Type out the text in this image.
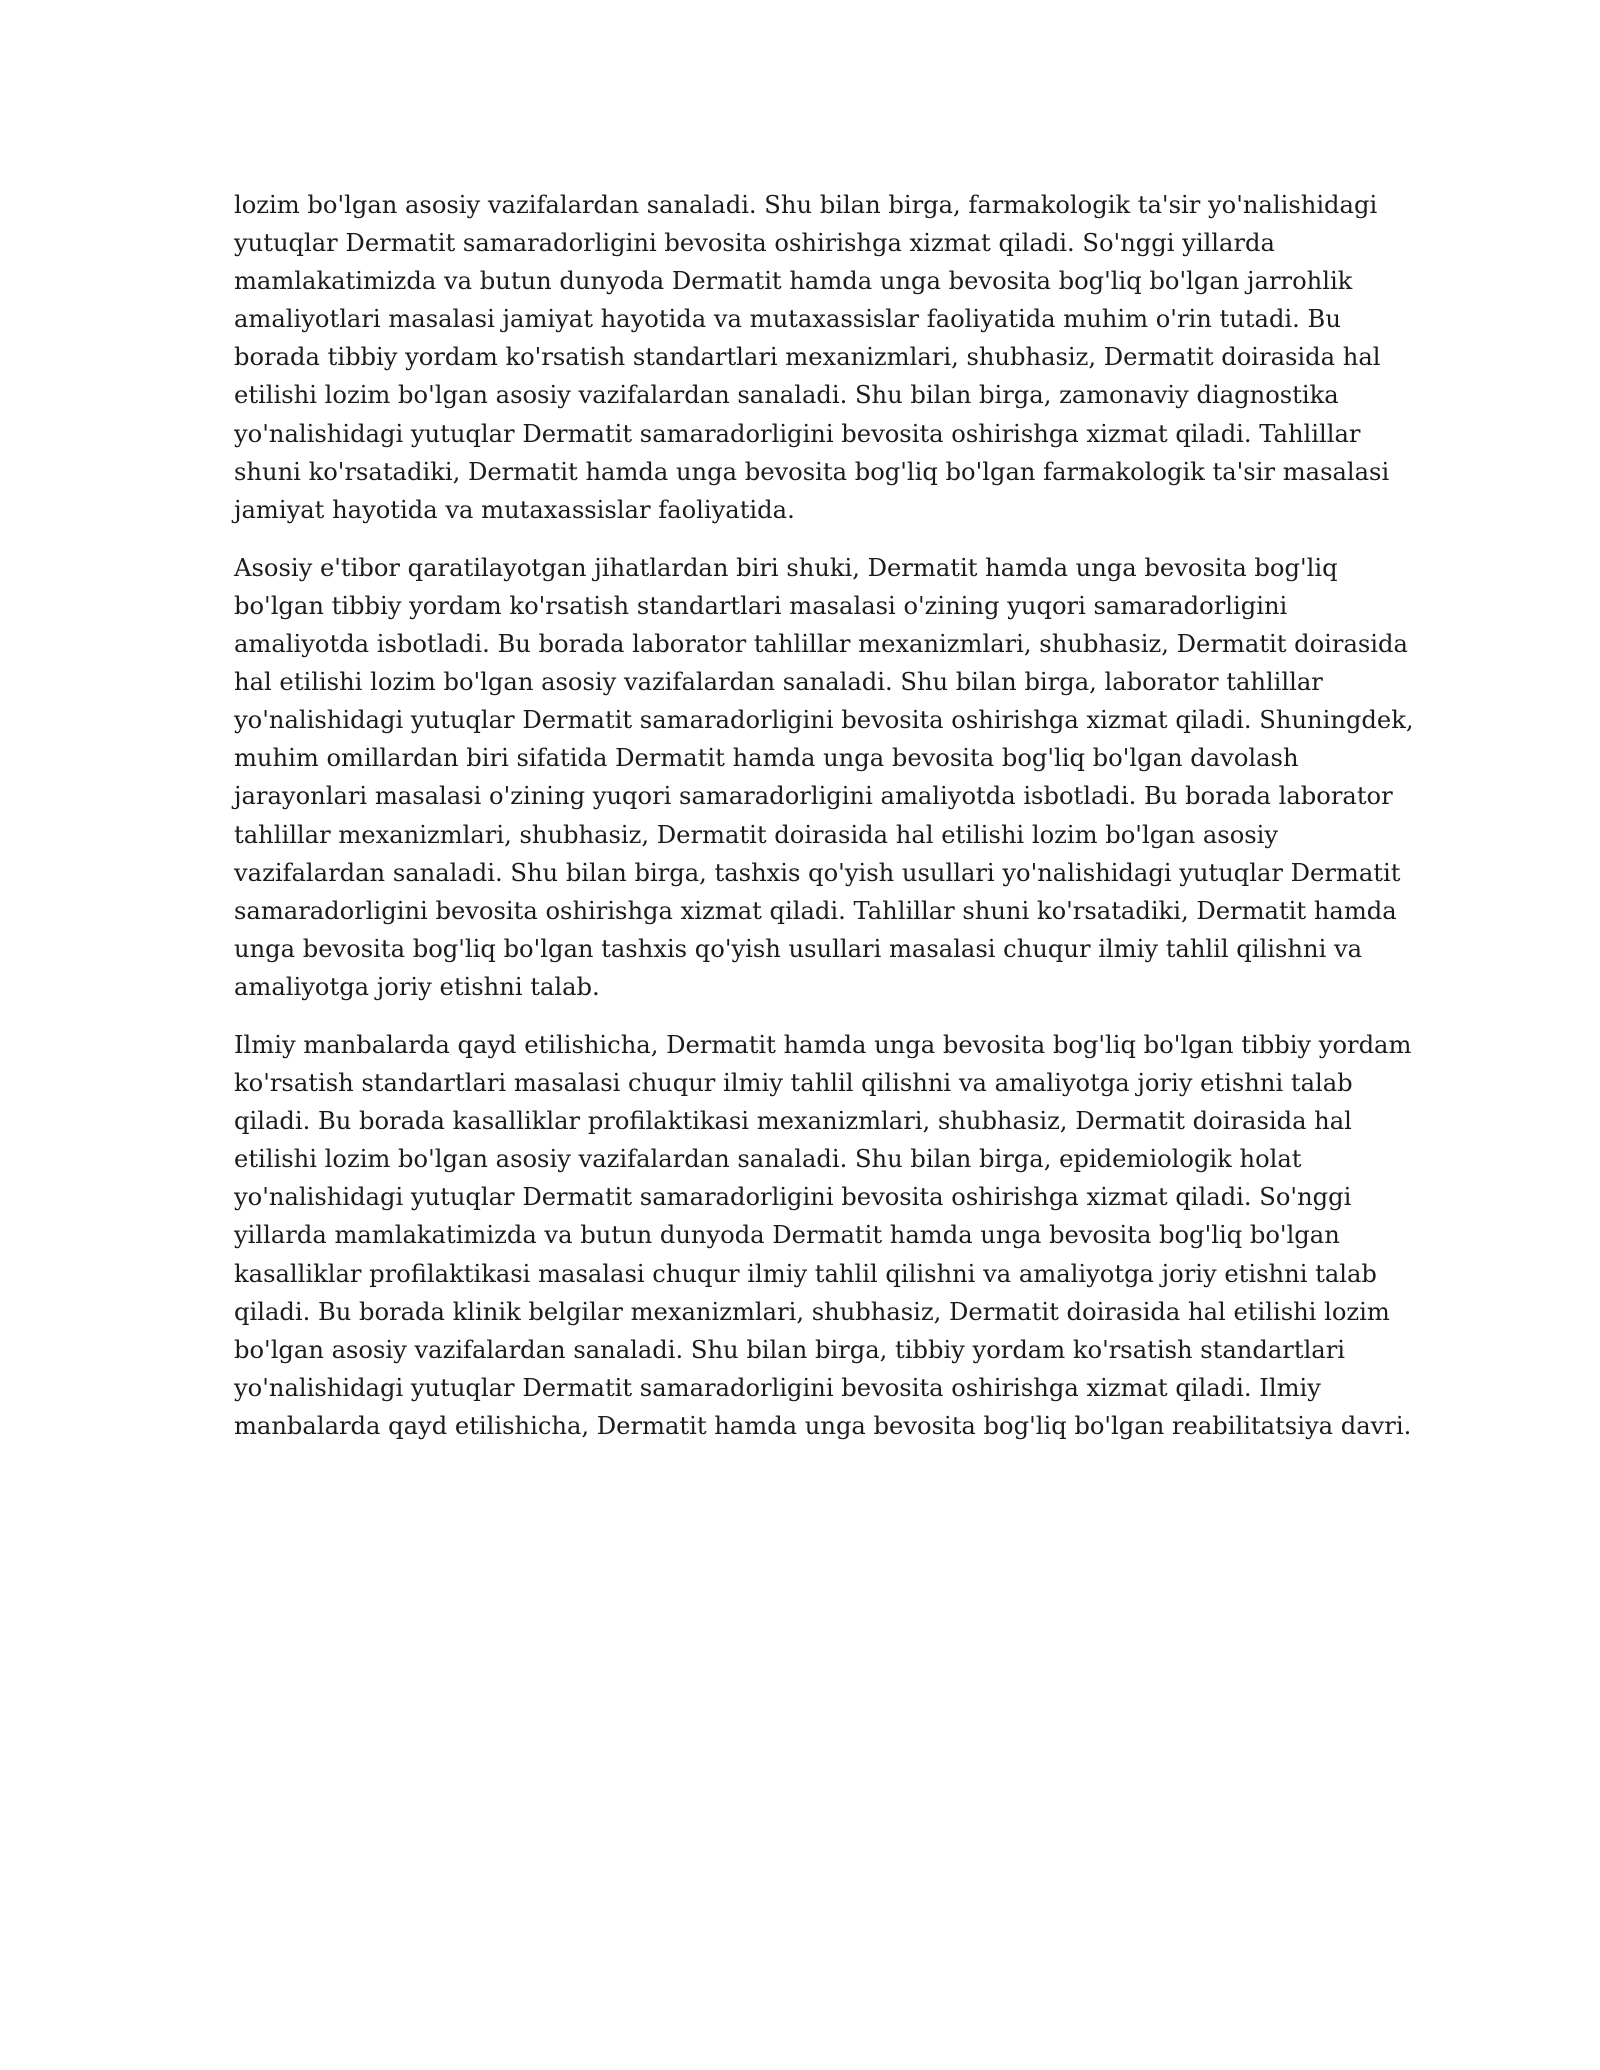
lozim bo'lgan asosiy vazifalardan sanaladi. Shu bilan birga, farmakologik ta'sir yo'nalishidagi
yutuqlar Dermatit samaradorligini bevosita oshirishga xizmat qiladi. So'nggi yillarda
mamlakatimizda va butun dunyoda Dermatit hamda unga bevosita bog'liq bo'lgan jarrohlik
amaliyotlari masalasi jamiyat hayotida va mutaxassislar faoliyatida muhim o'rin tutadi. Bu
borada tibbiy yordam ko'rsatish standartlari mexanizmlari, shubhasiz, Dermatit doirasida hal
etilishi lozim bo'lgan asosiy vazifalardan sanaladi. Shu bilan birga, zamonaviy diagnostika
yo'nalishidagi yutuqlar Dermatit samaradorligini bevosita oshirishga xizmat qiladi. Tahlillar
shuni ko'rsatadiki, Dermatit hamda unga bevosita bog'liq bo'lgan farmakologik ta'sir masalasi
jamiyat hayotida va mutaxassislar faoliyatida.

Asosiy e'tibor qaratilayotgan jihatlardan biri shuki, Dermatit hamda unga bevosita bog'liq
bo'lgan tibbiy yordam ko'rsatish standartlari masalasi o'zining yuqori samaradorligini
amaliyotda isbotladi. Bu borada laborator tahlillar mexanizmlari, shubhasiz, Dermatit doirasida
hal etilishi lozim bo'lgan asosiy vazifalardan sanaladi. Shu bilan birga, laborator tahlillar
yo'nalishidagi yutuqlar Dermatit samaradorligini bevosita oshirishga xizmat qiladi. Shuningdek,
muhim omillardan biri sifatida Dermatit hamda unga bevosita bog'liq bo'lgan davolash
jarayonlari masalasi o'zining yuqori samaradorligini amaliyotda isbotladi. Bu borada laborator
tahlillar mexanizmlari, shubhasiz, Dermatit doirasida hal etilishi lozim bo'lgan asosiy
vazifalardan sanaladi. Shu bilan birga, tashxis qo'yish usullari yo'nalishidagi yutuqlar Dermatit
samaradorligini bevosita oshirishga xizmat qiladi. Tahlillar shuni ko'rsatadiki, Dermatit hamda
unga bevosita bog'liq bo'lgan tashxis qo'yish usullari masalasi chuqur ilmiy tahlil qilishni va
amaliyotga joriy etishni talab.

Ilmiy manbalarda qayd etilishicha, Dermatit hamda unga bevosita bog'liq bo'lgan tibbiy yordam
ko'rsatish standartlari masalasi chuqur ilmiy tahlil qilishni va amaliyotga joriy etishni talab
qiladi. Bu borada kasalliklar profilaktikasi mexanizmlari, shubhasiz, Dermatit doirasida hal
etilishi lozim bo'lgan asosiy vazifalardan sanaladi. Shu bilan birga, epidemiologik holat
yo'nalishidagi yutuqlar Dermatit samaradorligini bevosita oshirishga xizmat qiladi. So'nggi
yillarda mamlakatimizda va butun dunyoda Dermatit hamda unga bevosita bog'liq bo'lgan
kasalliklar profilaktikasi masalasi chuqur ilmiy tahlil qilishni va amaliyotga joriy etishni talab
qiladi. Bu borada klinik belgilar mexanizmlari, shubhasiz, Dermatit doirasida hal etilishi lozim
bo'lgan asosiy vazifalardan sanaladi. Shu bilan birga, tibbiy yordam ko'rsatish standartlari
yo'nalishidagi yutuqlar Dermatit samaradorligini bevosita oshirishga xizmat qiladi. Ilmiy
manbalarda qayd etilishicha, Dermatit hamda unga bevosita bog'liq bo'lgan reabilitatsiya davri.
